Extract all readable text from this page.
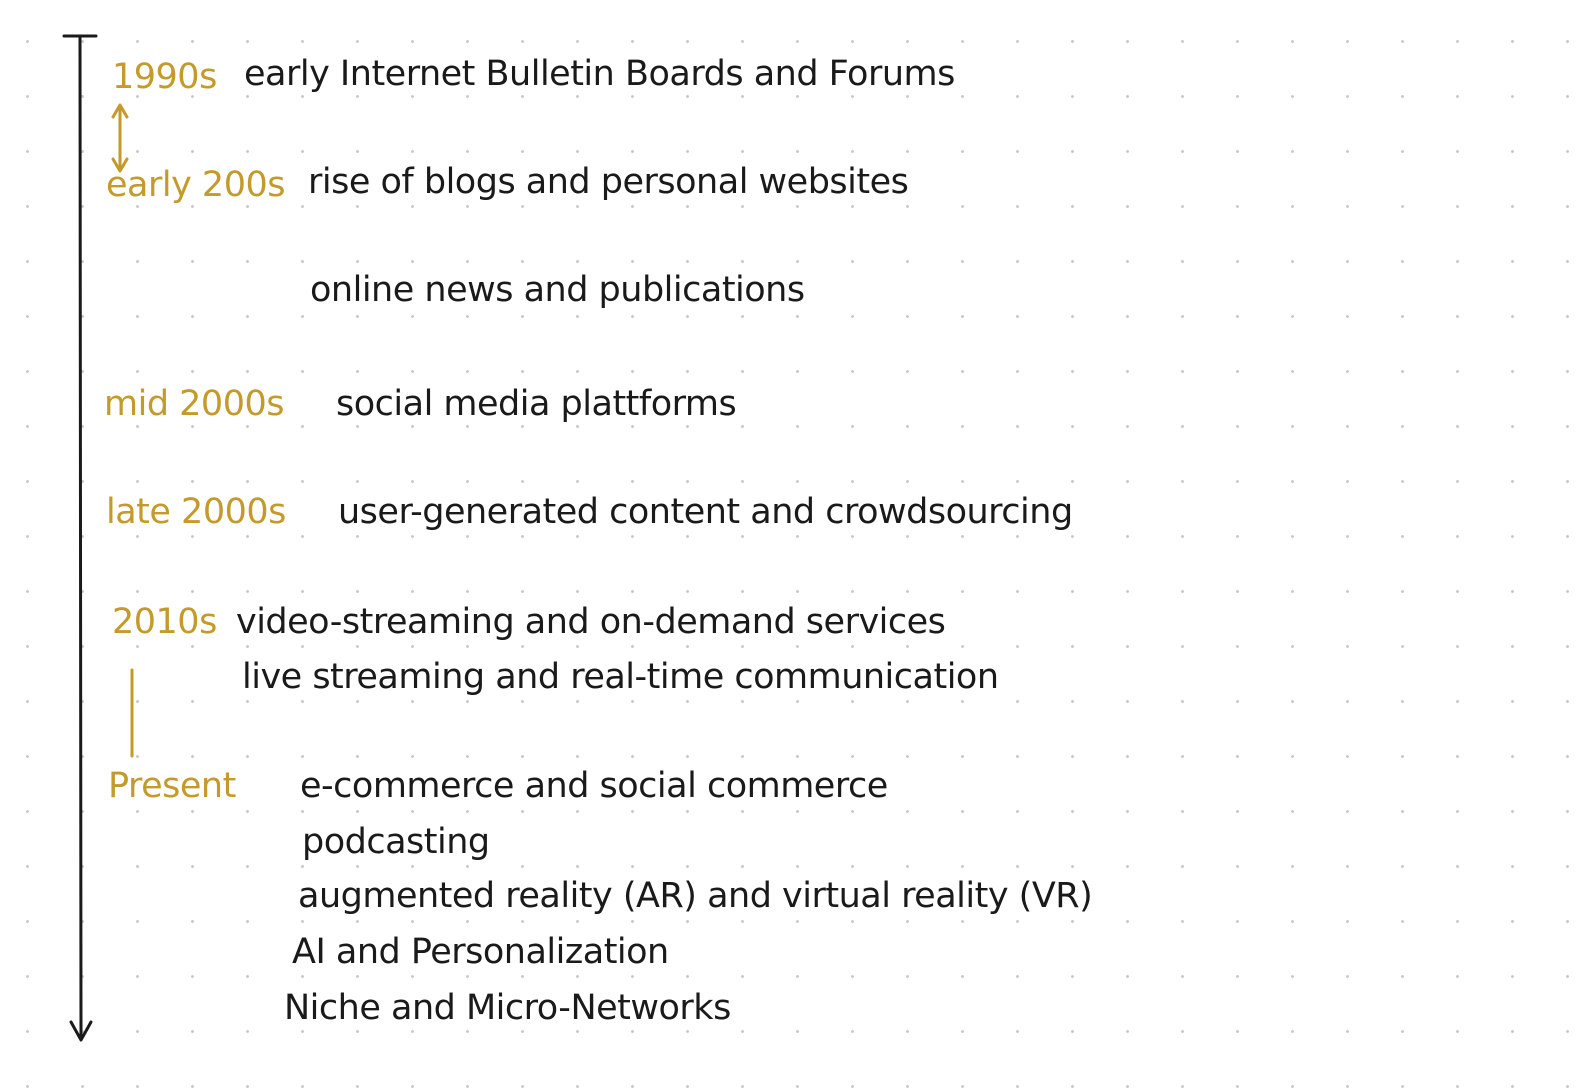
1990s early Internet Bulletin Boards and Forums
early 200s rise of blogs and personal websites
online news and publications
mid 2000s social media plattforms
late 2000s user-generated content and crowdsourcing
2010s video-streaming and on-demand services
live streaming and real-time communication
Present e-commerce and social commerce
podcasting
augmented reality (AR) and virtual reality (VR)
AI and Personalization
Niche and Micro-Networks
